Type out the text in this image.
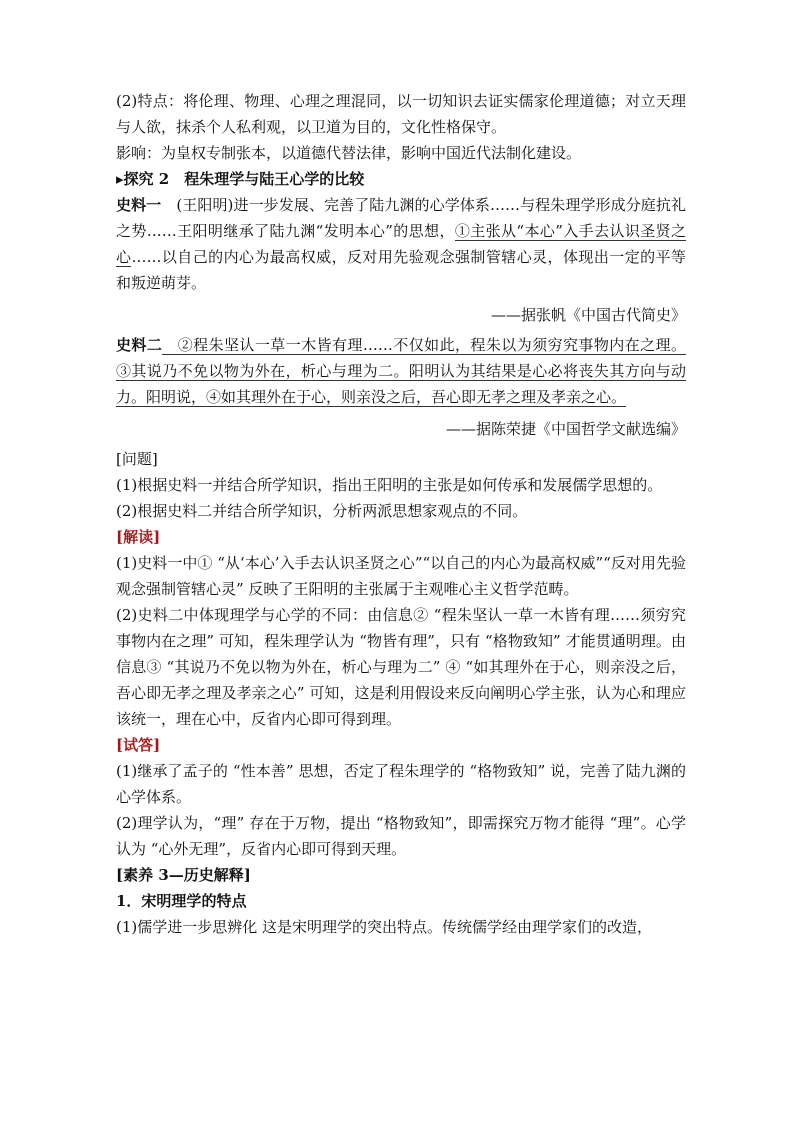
(2)特点：将伦理、物理、心理之理混同，以一切知识去证实儒家伦理道德；对立天理与人欲，抹杀个人私利观，以卫道为目的，文化性格保守。

影响：为皇权专制张本，以道德代替法律，影响中国近代法制化建设。

▸探究 2　程朱理学与陆王心学的比较

史料一　(王阳明)进一步发展、完善了陆九渊的心学体系……与程朱理学形成分庭抗礼之势……王阳明继承了陆九渊“发明本心”的思想，①主张从“本心”入手去认识圣贤之心……以自己的内心为最高权威，反对用先验观念强制管辖心灵，体现出一定的平等和叛逆萌芽。

——据张帆《中国古代简史》

史料二　②程朱坚认一草一木皆有理……不仅如此，程朱以为须穷究事物内在之理。③其说乃不免以物为外在，析心与理为二。阳明认为其结果是心必将丧失其方向与动力。阳明说，④如其理外在于心，则亲没之后，吾心即无孝之理及孝亲之心。

——据陈荣捷《中国哲学文献选编》

[问题]

(1)根据史料一并结合所学知识，指出王阳明的主张是如何传承和发展儒学思想的。

(2)根据史料二并结合所学知识，分析两派思想家观点的不同。

[解读]

(1)史料一中① “从‘本心’入手去认识圣贤之心”“以自己的内心为最高权威”“反对用先验观念强制管辖心灵” 反映了王阳明的主张属于主观唯心主义哲学范畴。

(2)史料二中体现理学与心学的不同：由信息② “程朱坚认一草一木皆有理……须穷究事物内在之理” 可知，程朱理学认为 “物皆有理”，只有 “格物致知” 才能贯通明理。由信息③ “其说乃不免以物为外在，析心与理为二” ④ “如其理外在于心，则亲没之后，吾心即无孝之理及孝亲之心” 可知，这是利用假设来反向阐明心学主张，认为心和理应该统一，理在心中，反省内心即可得到理。

[试答]

(1)继承了孟子的 “性本善” 思想，否定了程朱理学的 “格物致知” 说，完善了陆九渊的心学体系。

(2)理学认为，“理” 存在于万物，提出 “格物致知”，即需探究万物才能得 “理”。心学认为 “心外无理”，反省内心即可得到天理。

[素养 3—历史解释]

1．宋明理学的特点

(1)儒学进一步思辨化 这是宋明理学的突出特点。传统儒学经由理学家们的改造，
